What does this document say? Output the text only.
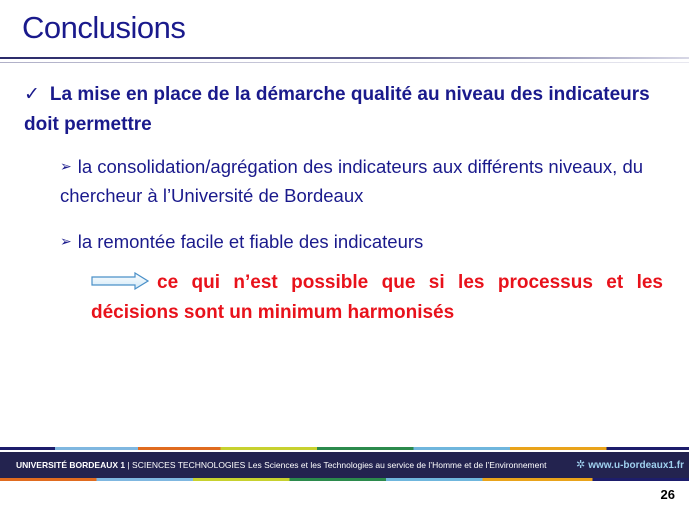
Conclusions
✓ La mise en place de la démarche qualité au niveau des indicateurs doit permettre
➢ la consolidation/agrégation des indicateurs aux différents niveaux, du chercheur à l’Université de Bordeaux
➢ la remontée facile et fiable des indicateurs
ce qui n’est possible que si les processus et les décisions sont un minimum harmonisés
UNIVERSITÉ BORDEAUX 1 | SCIENCES TECHNOLOGIES Les Sciences et les Technologies au service de l’Homme et de l’Environnement	✲ www.u-bordeaux1.fr
26
